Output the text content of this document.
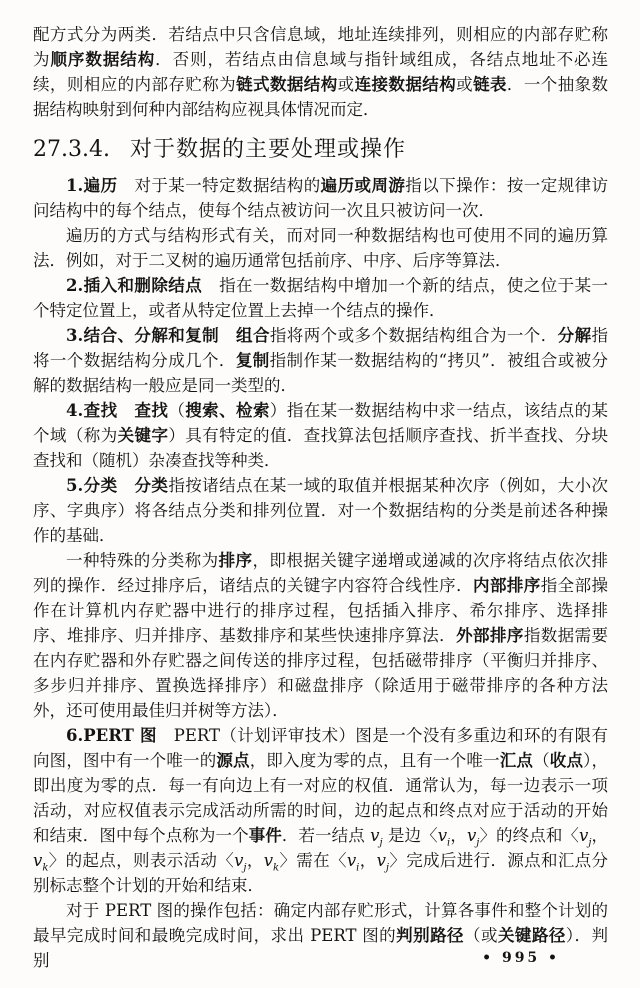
配方式分为两类．若结点中只含信息域，地址连续排列，则相应的内部存贮称为顺序数据结构．否则，若结点由信息域与指针域组成，各结点地址不必连续，则相应的内部存贮称为链式数据结构或连接数据结构或链表．一个抽象数据结构映射到何种内部结构应视具体情况而定．

27.3.4. 对于数据的主要处理或操作

1.遍历　对于某一特定数据结构的遍历或周游指以下操作：按一定规律访问结构中的每个结点，使每个结点被访问一次且只被访问一次．

遍历的方式与结构形式有关，而对同一种数据结构也可使用不同的遍历算法．例如，对于二叉树的遍历通常包括前序、中序、后序等算法．

2.插入和删除结点　指在一数据结构中增加一个新的结点，使之位于某一个特定位置上，或者从特定位置上去掉一个结点的操作．

3.结合、分解和复制　 组合指将两个或多个数据结构组合为一个．分解指将一个数据结构分成几个．复制指制作某一数据结构的“拷贝”．被组合或被分解的数据结构一般应是同一类型的．

4.查找　 查找（搜索、检索）指在某一数据结构中求一结点，该结点的某个域（称为关键字）具有特定的值．查找算法包括顺序查找、折半查找、分块查找和（随机）杂凑查找等种类．

5.分类　 分类指按诸结点在某一域的取值并根据某种次序（例如，大小次序、字典序）将各结点分类和排列位置．对一个数据结构的分类是前述各种操作的基础．

一种特殊的分类称为排序，即根据关键字递增或递减的次序将结点依次排列的操作．经过排序后，诸结点的关键字内容符合线性序．内部排序指全部操作在计算机内存贮器中进行的排序过程，包括插入排序、希尔排序、选择排序、堆排序、归并排序、基数排序和某些快速排序算法．外部排序指数据需要在内存贮器和外存贮器之间传送的排序过程，包括磁带排序（平衡归并排序、多步归并排序、置换选择排序）和磁盘排序（除适用于磁带排序的各种方法外，还可使用最佳归并树等方法）．

6.PERT 图　PERT（计划评审技术）图是一个没有多重边和环的有限有向图，图中有一个唯一的源点，即入度为零的点，且有一个唯一汇点（收点），即出度为零的点．每一有向边上有一对应的权值．通常认为，每一边表示一项活动，对应权值表示完成活动所需的时间，边的起点和终点对应于活动的开始和结束．图中每个点称为一个事件．若一结点 $v_j$ 是边〈$v_i$，$v_j$〉的终点和〈$v_j$，$v_k$〉的起点，则表示活动〈$v_j$，$v_k$〉需在〈$v_i$，$v_j$〉完成后进行．源点和汇点分别标志整个计划的开始和结束．

对于 PERT 图的操作包括：确定内部存贮形式，计算各事件和整个计划的最早完成时间和最晚完成时间，求出 PERT 图的判别路径（或关键路径）．判别	• 995 •
